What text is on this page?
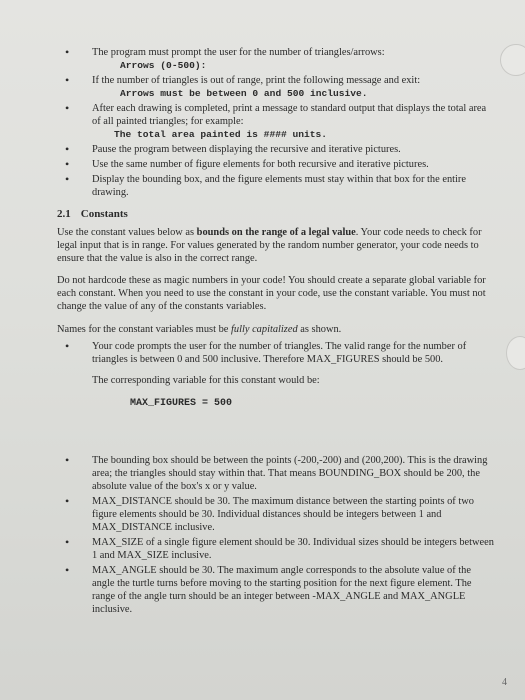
• The program must prompt the user for the number of triangles/arrows:
Arrows (0-500):
• If the number of triangles is out of range, print the following message and exit:
Arrows must be between 0 and 500 inclusive.
• After each drawing is completed, print a message to standard output that displays the total area of all painted triangles; for example:
The total area painted is #### units.
• Pause the program between displaying the recursive and iterative pictures.
• Use the same number of figure elements for both recursive and iterative pictures.
• Display the bounding box, and the figure elements must stay within that box for the entire drawing.
2.1 Constants

Use the constant values below as bounds on the range of a legal value. Your code needs to check for legal input that is in range. For values generated by the random number generator, your code needs to ensure that the value is also in the correct range.

Do not hardcode these as magic numbers in your code! You should create a separate global variable for each constant. When you need to use the constant in your code, use the constant variable. You must not change the value of any of the constants variables.

Names for the constant variables must be fully capitalized as shown.

• Your code prompts the user for the number of triangles. The valid range for the number of triangles is between 0 and 500 inclusive. Therefore MAX_FIGURES should be 500.

The corresponding variable for this constant would be:

MAX_FIGURES = 500
• The bounding box should be between the points (-200,-200) and (200,200). This is the drawing area; the triangles should stay within that. That means BOUNDING_BOX should be 200, the absolute value of the box's x or y value.
• MAX_DISTANCE should be 30. The maximum distance between the starting points of two figure elements should be 30. Individual distances should be integers between 1 and MAX_DISTANCE inclusive.
• MAX_SIZE of a single figure element should be 30. Individual sizes should be integers between 1 and MAX_SIZE inclusive.
• MAX_ANGLE should be 30. The maximum angle corresponds to the absolute value of the angle the turtle turns before moving to the starting position for the next figure element. The range of the angle turn should be an integer between -MAX_ANGLE and MAX_ANGLE inclusive.
4
